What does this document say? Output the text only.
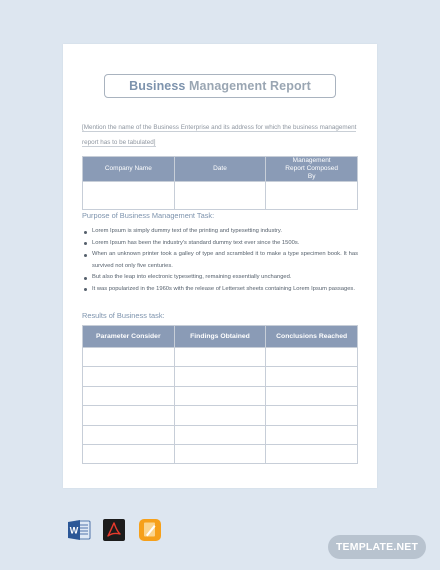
Business Management Report
[Mention the name of the Business Enterprise and its address for which the business management
report has to be tabulated]
Company Name	Date	Management Report Composed By

Purpose of Business Management Task:
Lorem Ipsum is simply dummy text of the printing and typesetting industry.
Lorem Ipsum has been the industry's standard dummy text ever since the 1500s.
When an unknown printer took a galley of type and scrambled it to make a type specimen book. It has survived not only five centuries.
But also the leap into electronic typesetting, remaining essentially unchanged.
It was popularized in the 1960s with the release of Letterset sheets containing Lorem Ipsum passages.
Results of Business task:
Parameter Consider	Findings Obtained	Conclusions Reached

W
TEMPLATE.NET
